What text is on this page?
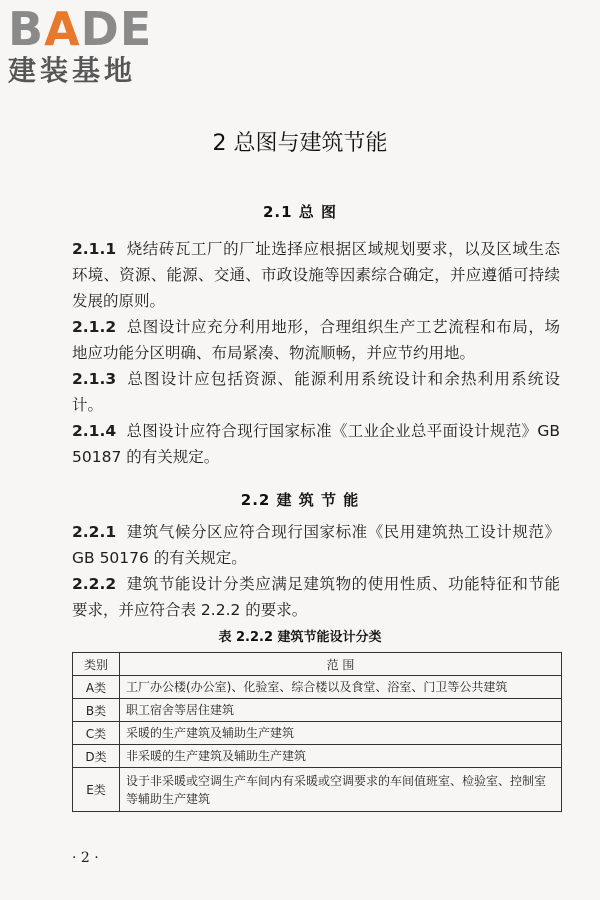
BADE
建装基地
2 总图与建筑节能
2.1 总 图
2.1.1 烧结砖瓦工厂的厂址选择应根据区域规划要求，以及区域生态环境、资源、能源、交通、市政设施等因素综合确定，并应遵循可持续发展的原则。
2.1.2 总图设计应充分利用地形，合理组织生产工艺流程和布局，场地应功能分区明确、布局紧凑、物流顺畅，并应节约用地。
2.1.3 总图设计应包括资源、能源利用系统设计和余热利用系统设计。
2.1.4 总图设计应符合现行国家标准《工业企业总平面设计规范》GB 50187 的有关规定。
2.2 建 筑 节 能
2.2.1 建筑气候分区应符合现行国家标准《民用建筑热工设计规范》GB 50176 的有关规定。
2.2.2 建筑节能设计分类应满足建筑物的使用性质、功能特征和节能要求，并应符合表 2.2.2 的要求。
表 2.2.2 建筑节能设计分类
类别	范 围
A类	工厂办公楼(办公室)、化验室、综合楼以及食堂、浴室、门卫等公共建筑
B类	职工宿舍等居住建筑
C类	采暖的生产建筑及辅助生产建筑
D类	非采暖的生产建筑及辅助生产建筑
E类	设于非采暖或空调生产车间内有采暖或空调要求的车间值班室、检验室、控制室等辅助生产建筑
· 2 ·
